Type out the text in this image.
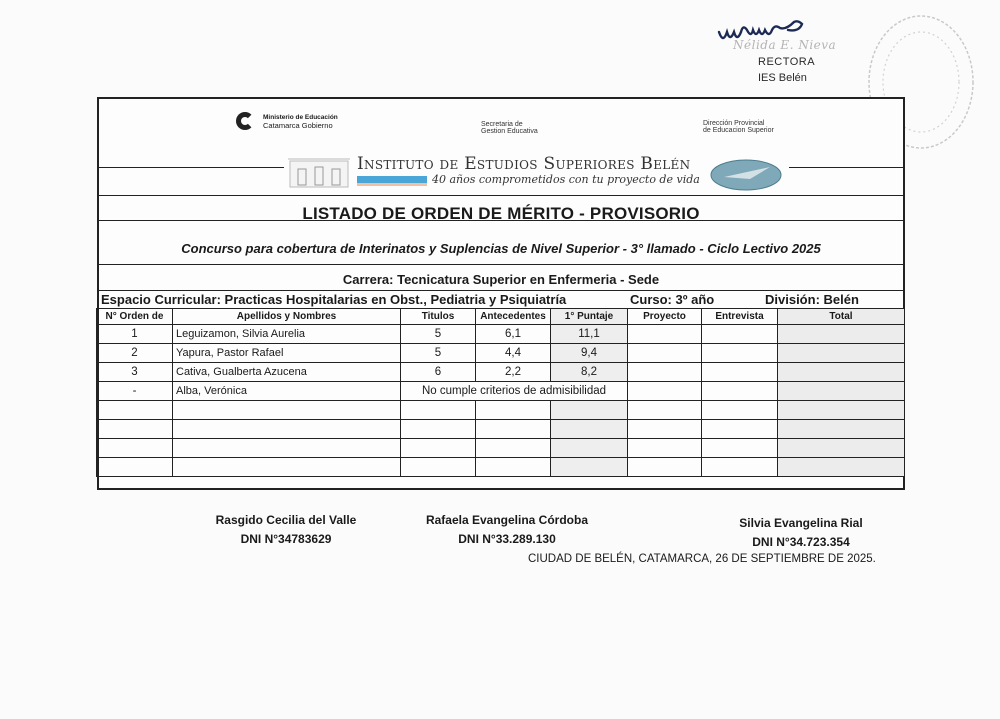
Nélida E. Nieva
RECTORA
IES Belén
Ministerio de Educación
Catamarca Gobierno	Secretaria de
Gestion Educativa
Dirección Provincial
de Educacion Superior
Instituto de Estudios Superiores Belén
40 años comprometidos con tu proyecto de vida
LISTADO DE ORDEN DE MÉRITO - PROVISORIO
Concurso para cobertura de Interinatos y Suplencias de Nivel Superior - 3° llamado - Ciclo Lectivo 2025
Carrera: Tecnicatura Superior en Enfermeria - Sede
Espacio Curricular: Practicas Hospitalarias en Obst., Pediatria y Psiquiatría	Curso: 3º año	División: Belén
N° Orden de	Apellidos y Nombres	Titulos	Antecedentes	1° Puntaje	Proyecto	Entrevista	Total
1	Leguizamon, Silvia Aurelia	5	6,1	11,1			
2	Yapura, Pastor Rafael	5	4,4	9,4			
3	Cativa, Gualberta Azucena	6	2,2	8,2			
-	Alba, Verónica	No cumple criterios de admisibilidad					

Rasgido Cecilia del Valle
DNI N°34783629
Rafaela Evangelina Córdoba
DNI N°33.289.130
Silvia Evangelina Rial
DNI N°34.723.354
CIUDAD DE BELÉN, CATAMARCA, 26 DE SEPTIEMBRE DE 2025.
